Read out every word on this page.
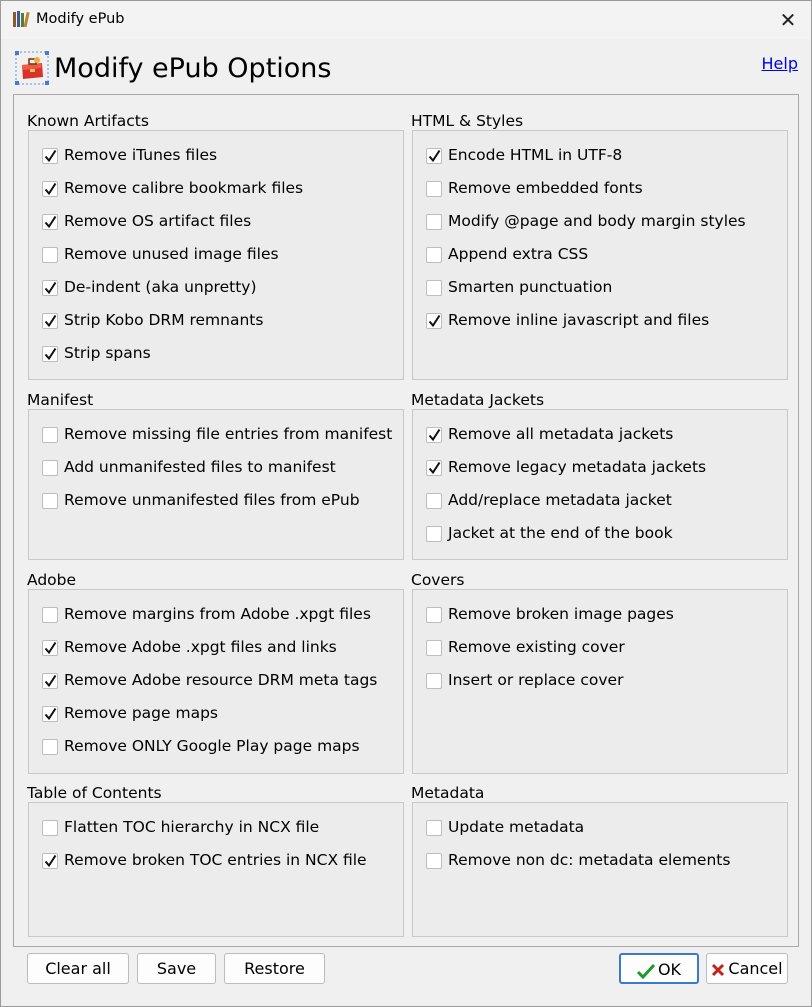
Modify ePub	✕
Modify ePub Options	Help
Known Artifacts
Remove iTunes files
Remove calibre bookmark files
Remove OS artifact files
Remove unused image files
De-indent (aka unpretty)
Strip Kobo DRM remnants
Strip spans
HTML & Styles
Encode HTML in UTF-8
Remove embedded fonts
Modify @page and body margin styles
Append extra CSS
Smarten punctuation
Remove inline javascript and files
Manifest
Remove missing file entries from manifest
Add unmanifested files to manifest
Remove unmanifested files from ePub
Metadata Jackets
Remove all metadata jackets
Remove legacy metadata jackets
Add/replace metadata jacket
Jacket at the end of the book
Adobe
Remove margins from Adobe .xpgt files
Remove Adobe .xpgt files and links
Remove Adobe resource DRM meta tags
Remove page maps
Remove ONLY Google Play page maps
Covers
Remove broken image pages
Remove existing cover
Insert or replace cover
Table of Contents
Flatten TOC hierarchy in NCX file
Remove broken TOC entries in NCX file
Metadata
Update metadata
Remove non dc: metadata elements
Clear all	Save	Restore	OK	Cancel
